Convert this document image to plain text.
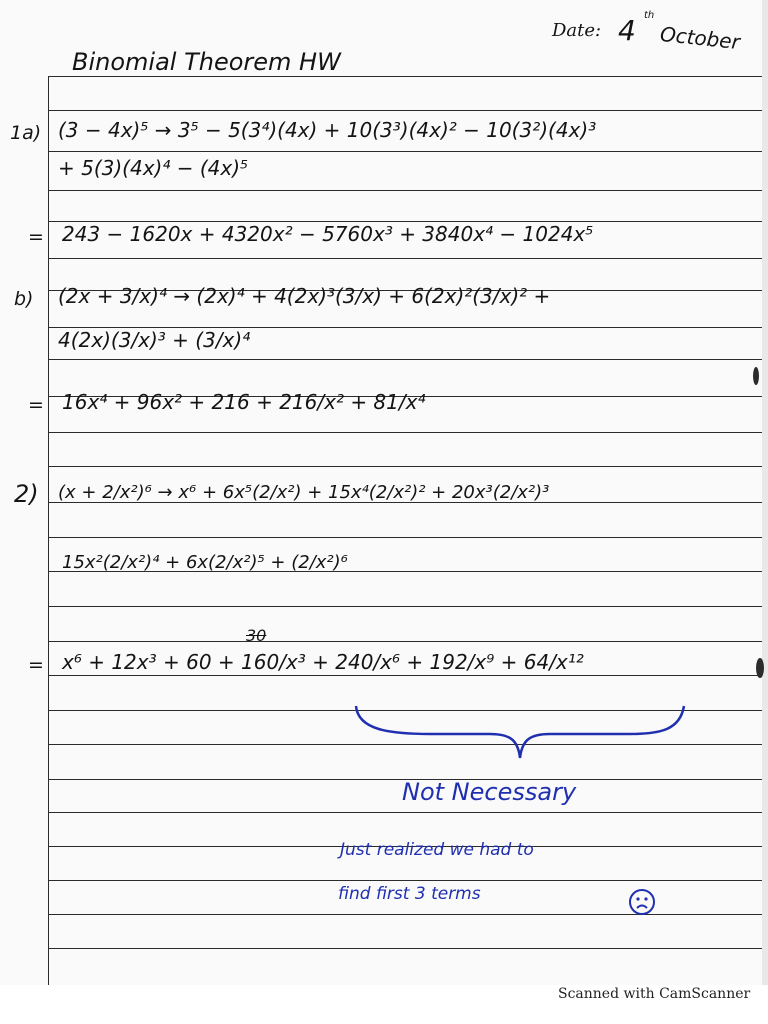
Binomial Theorem HW
Date: 4 th
October
1a) (3 − 4x)⁵ → 3⁵ − 5(3⁴)(4x) + 10(3³)(4x)² − 10(3²)(4x)³
+ 5(3)(4x)⁴ − (4x)⁵
= 243 − 1620x + 4320x² − 5760x³ + 3840x⁴ − 1024x⁵
b) (2x + 3/x)⁴ → (2x)⁴ + 4(2x)³(3/x) + 6(2x)²(3/x)² +
4(2x)(3/x)³ + (3/x)⁴
= 16x⁴ + 96x² + 216 + 216/x² + 81/x⁴
2) (x + 2/x²)⁶ → x⁶ + 6x⁵(2/x²) + 15x⁴(2/x²)² + 20x³(2/x²)³
15x²(2/x²)⁴ + 6x(2/x²)⁵ + (2/x²)⁶
= x⁶ + 12x³ + 60 + 160/x³ + 240/x⁶ + 192/x⁹ + 64/x¹²
30
Not Necessary
Just realized we had to
find first 3 terms
Scanned with CamScanner
